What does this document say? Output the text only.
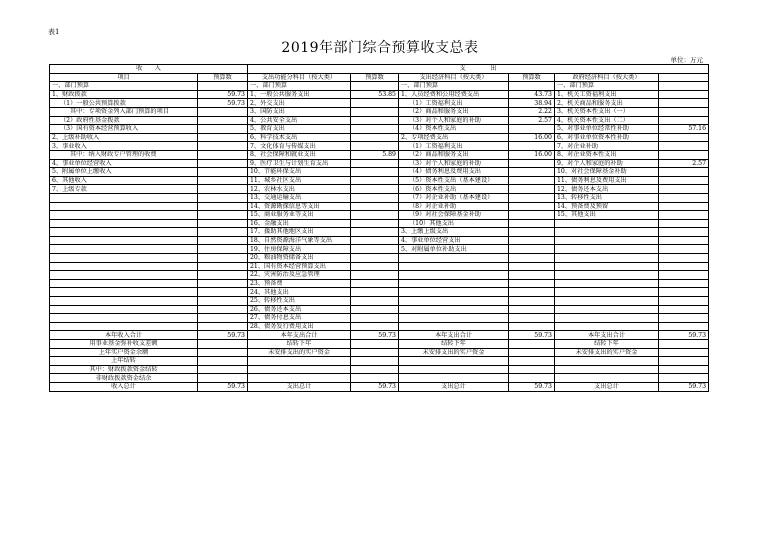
表1
2019年部门综合预算收支总表
单位：万元
收　　入		支　　　　出					
项目	预算数	支出功能分科目（按大类）	预算数	支出经济科目（按大类）	预算数	政府经济科目（按大类）	
一、部门预算		一、部门预算		一、部门预算		一、部门预算	
1、财政拨款	59.73	1、一般公共服务支出	53.85	1、人员经费和公用经费支出	43.73	1、机关工资福利支出	
（1）一般公共预算拨款	59.73	2、外交支出		（1）工资福利支出	38.94	2、机关商品和服务支出	
其中：专项资金列入部门预算的项目		3、国防支出		（2）商品和服务支出	2.22	3、机关资本性支出（一）	
（2）政府性基金拨款		4、公共安全支出		（3）对个人和家庭的补助	2.57	4、机关资本性支出（二）	
（3）国有资本经营预算收入		5、教育支出		（4）资本性支出		5、对事业单位经常性补助	57.16
2、上级补助收入		6、科学技术支出		2、专项经费支出	16.00	6、对事业单位资本性补助	
3、事业收入		7、文化体育与传媒支出		（1）工资福利支出		7、对企业补助	
其中：纳入财政专户管理的收费		8、社会保障和就业支出	5.89	（2）商品和服务支出	16.00	8、对企业资本性支出	
4、事业单位经营收入		9、医疗卫生与计划生育支出		（3）对个人和家庭的补助		9、对个人和家庭的补助	2.57
5、附属单位上缴收入		10、节能环保支出		（4）债务利息及费用支出		10、对社会保障基金补助	
6、其他收入		11、城乡社区支出		（5）资本性支出（基本建设）		11、债务利息及费用支出	
7、上级专款		12、农林水支出		（6）资本性支出		12、债务还本支出	
		13、交通运输支出		（7）对企业补助（基本建设）		13、转移性支出	
		14、资源勘探信息等支出		（8）对企业补助		14、预备费及预留	
		15、商业服务业等支出		（9）对社会保障基金补助		15、其他支出	
		16、金融支出		（10）其他支出			
		17、援助其他地区支出		3、上缴上级支出			
		18、自然资源海洋气象等支出		4、事业单位经营支出			
		19、住房保障支出		5、对附属单位补助支出			
		20、粮油物资储备支出					
		21、国有资本经营预算支出					
		22、灾害防治及应急管理					
		23、预备费					
		24、其他支出					
		25、转移性支出					
		26、债务还本支出					
		27、债务付息支出					
		28、债务发行费用支出					
本年收入合计	59.73	本年支出合计	59.73	本年支出合计	59.73	本年支出合计	59.73
用事业基金弥补收支差额		结转下年		结转下年		结转下年	
上年实户资金余额		未安排支出的实户资金		未安排支出的实户资金		未安排支出的实户资金	
上年结转							
其中：财政拨款资金结转							
非财政拨款资金结余							
收入总计	59.73	支出总计	59.73	支出总计	59.73	支出总计	59.73
